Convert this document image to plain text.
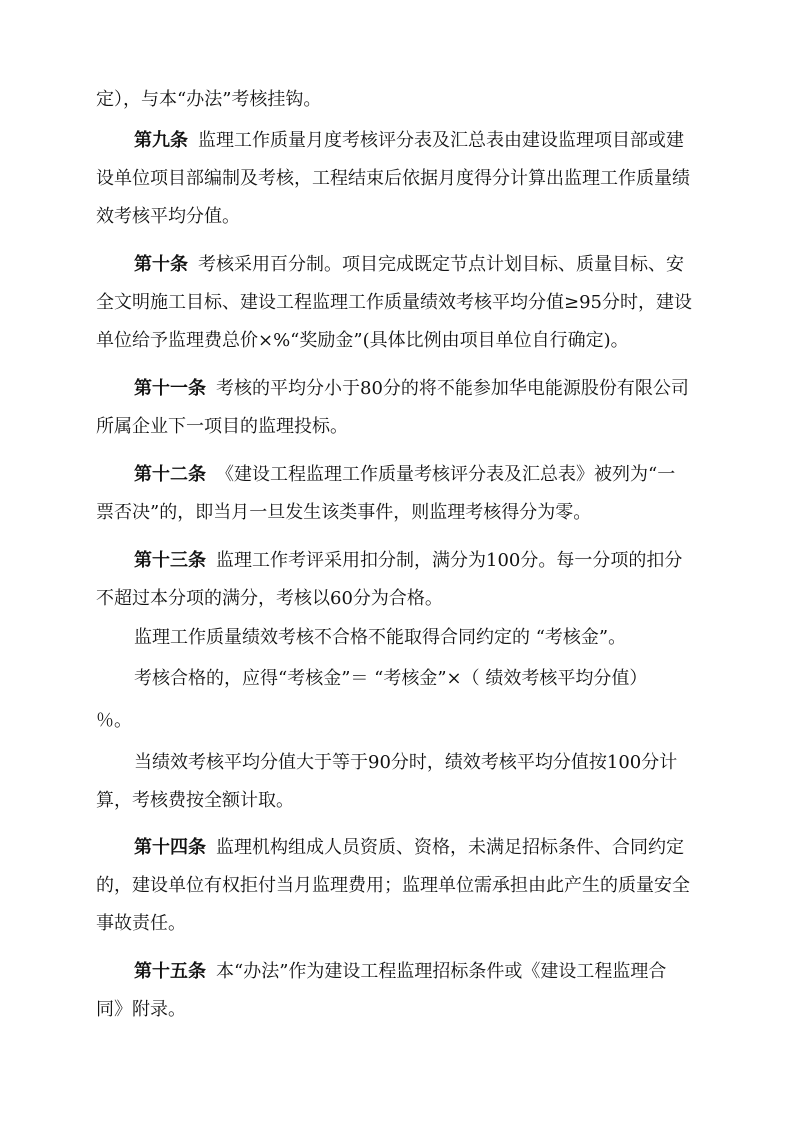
定），与本“办法”考核挂钩。
第九条 监理工作质量月度考核评分表及汇总表由建设监理项目部或建
设单位项目部编制及考核，工程结束后依据月度得分计算出监理工作质量绩
效考核平均分值。
第十条 考核采用百分制。项目完成既定节点计划目标、质量目标、安
全文明施工目标、建设工程监理工作质量绩效考核平均分值≥95分时，建设
单位给予监理费总价×%“奖励金”(具体比例由项目单位自行确定)。
第十一条 考核的平均分小于80分的将不能参加华电能源股份有限公司
所属企业下一项目的监理投标。
第十二条 《建设工程监理工作质量考核评分表及汇总表》被列为“一
票否决”的，即当月一旦发生该类事件，则监理考核得分为零。
第十三条 监理工作考评采用扣分制，满分为100分。每一分项的扣分
不超过本分项的满分，考核以60分为合格。
监理工作质量绩效考核不合格不能取得合同约定的 “考核金”。
考核合格的，应得“考核金”＝ “考核金”×（ 绩效考核平均分值）
％。
当绩效考核平均分值大于等于90分时，绩效考核平均分值按100分计
算，考核费按全额计取。
第十四条 监理机构组成人员资质、资格，未满足招标条件、合同约定
的，建设单位有权拒付当月监理费用；监理单位需承担由此产生的质量安全
事故责任。
第十五条 本“办法”作为建设工程监理招标条件或《建设工程监理合
同》附录。
